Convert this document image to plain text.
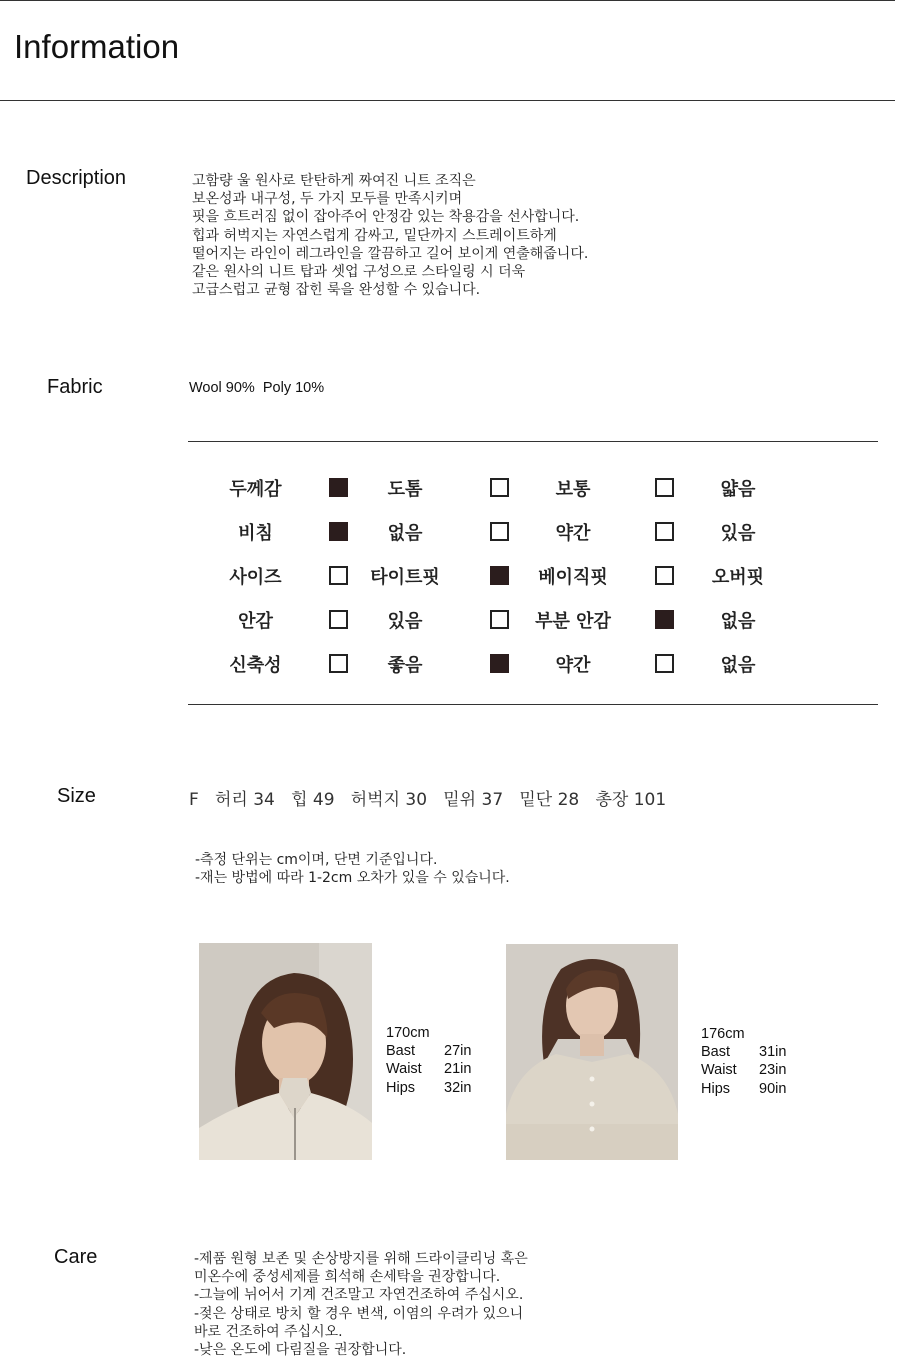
Information
Description	고함량 울 원사로 탄탄하게 짜여진 니트 조직은
보온성과 내구성, 두 가지 모두를 만족시키며
핏을 흐트러짐 없이 잡아주어 안정감 있는 착용감을 선사합니다.
힙과 허벅지는 자연스럽게 감싸고, 밑단까지 스트레이트하게
떨어지는 라인이 레그라인을 깔끔하고 길어 보이게 연출해줍니다.
같은 원사의 니트 탑과 셋업 구성으로 스타일링 시 더욱
고급스럽고 균형 잡힌 룩을 완성할 수 있습니다.
Fabric	Wool 90%  Poly 10%
두께감	도톰	보통	얇음
비침	없음	약간	있음
사이즈	타이트핏	베이직핏	오버핏
안감	있음	부분 안감	없음
신축성	좋음	약간	없음
Size	F   허리 34   힙 49   허벅지 30   밑위 37   밑단 28   총장 101
-측정 단위는 cm이며, 단면 기준입니다.
-재는 방법에 따라 1-2cm 오차가 있을 수 있습니다.
170cm
Bast	27in
Waist	21in
Hips	32in
176cm
Bast	31in
Waist	23in
Hips	90in
Care	-제품 원형 보존 및 손상방지를 위해 드라이클리닝 혹은
미온수에 중성세제를 희석해 손세탁을 권장합니다.
-그늘에 뉘어서 기계 건조말고 자연건조하여 주십시오.
-젖은 상태로 방치 할 경우 변색, 이염의 우려가 있으니
바로 건조하여 주십시오.
-낮은 온도에 다림질을 권장합니다.
